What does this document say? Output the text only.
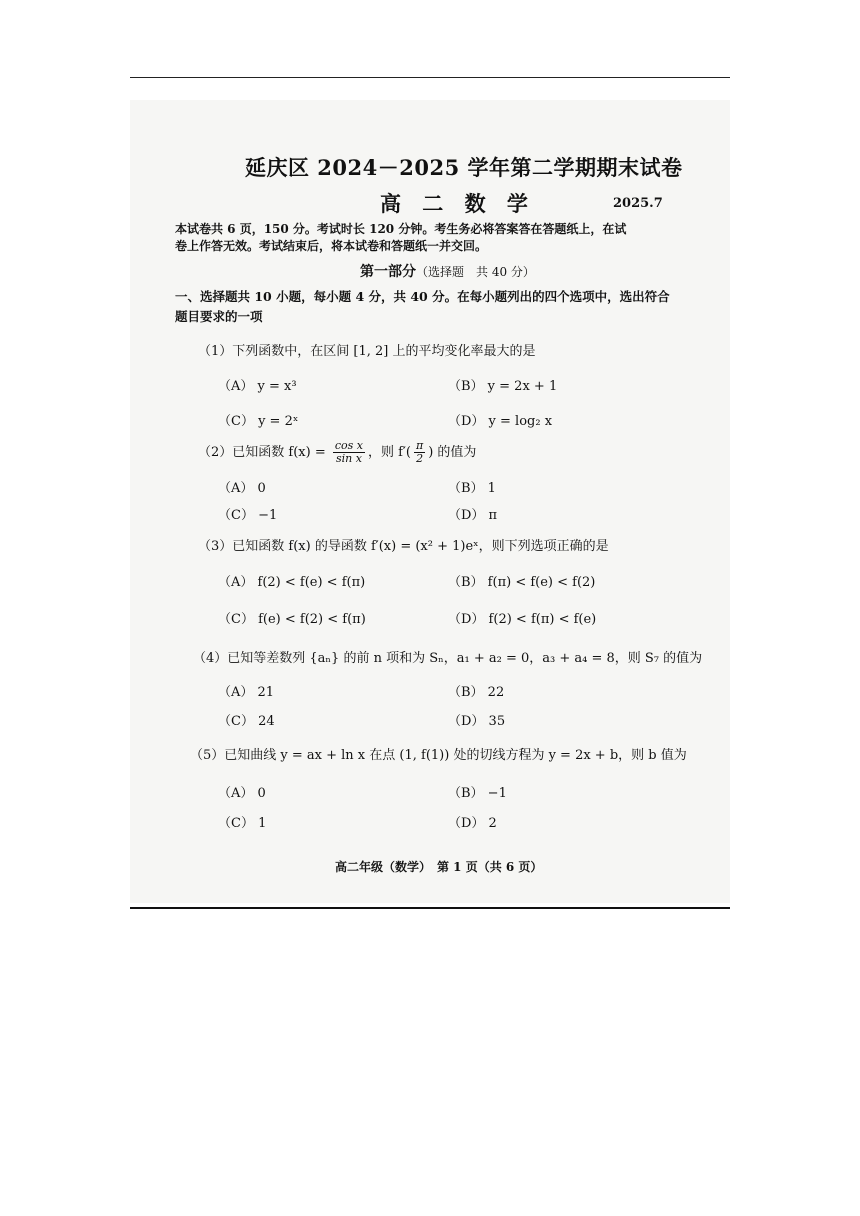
延庆区 2024－2025 学年第二学期期末试卷
高 二 数 学	2025.7
本试卷共 6 页，150 分。考试时长 120 分钟。考生务必将答案答在答题纸上，在试
卷上作答无效。考试结束后，将本试卷和答题纸一并交回。
第一部分（选择题　共 40 分）
一、选择题共 10 小题，每小题 4 分，共 40 分。在每小题列出的四个选项中，选出符合
题目要求的一项
（1）下列函数中，在区间 [1, 2] 上的平均变化率最大的是
（A） y = x³	（B） y = 2x + 1
（C） y = 2ˣ	（D） y = log₂ x
（2）已知函数 $f(x) = \frac{\text{cos x}}{\text{sin x}}$ ，则 $f'( \frac{\pi}{2}$ ) 的值为
（A） 0	（B） 1
（C） −1	（D） π
（3）已知函数 f(x) 的导函数 f′(x) = (x² + 1)eˣ，则下列选项正确的是
（A） f(2) < f(e) < f(π)	（B） f(π) < f(e) < f(2)
（C） f(e) < f(2) < f(π)	（D） f(2) < f(π) < f(e)
（4）已知等差数列 {aₙ} 的前 n 项和为 Sₙ，a₁ + a₂ = 0，a₃ + a₄ = 8，则 S₇ 的值为
（A） 21	（B） 22
（C） 24	（D） 35
（5）已知曲线 y = ax + ln x 在点 (1, f(1)) 处的切线方程为 y = 2x + b，则 b 值为
（A） 0	（B） −1
（C） 1	（D） 2
高二年级（数学）　第 1 页（共 6 页）
